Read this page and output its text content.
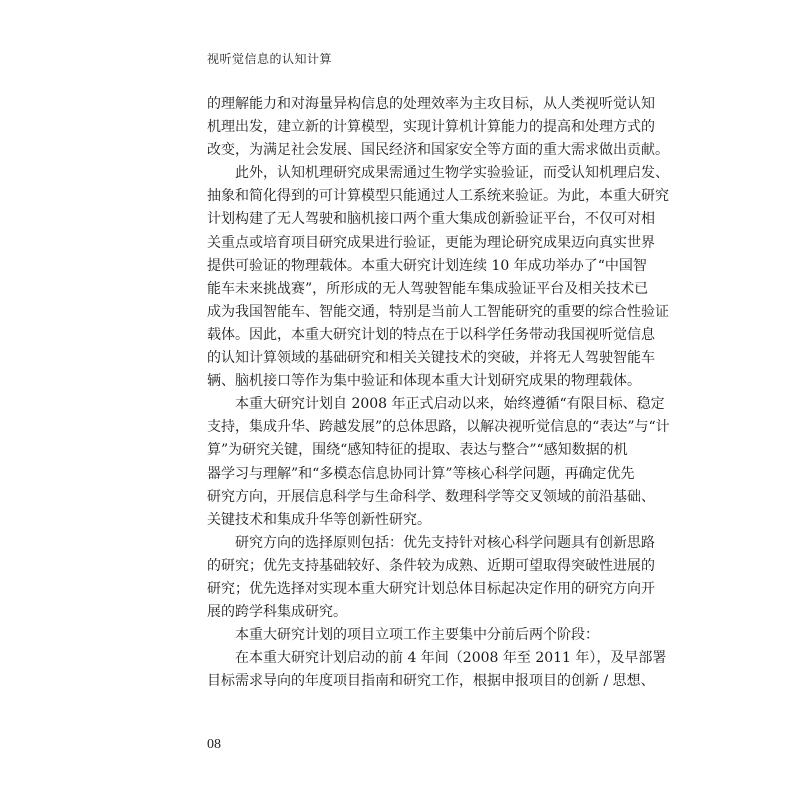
视听觉信息的认知计算
的理解能力和对海量异构信息的处理效率为主攻目标，从人类视听觉认知
机理出发，建立新的计算模型，实现计算机计算能力的提高和处理方式的
改变，为满足社会发展、国民经济和国家安全等方面的重大需求做出贡献。
此外，认知机理研究成果需通过生物学实验验证，而受认知机理启发、
抽象和简化得到的可计算模型只能通过人工系统来验证。为此，本重大研究
计划构建了无人驾驶和脑机接口两个重大集成创新验证平台，不仅可对相
关重点或培育项目研究成果进行验证，更能为理论研究成果迈向真实世界
提供可验证的物理载体。本重大研究计划连续 10 年成功举办了“中国智
能车未来挑战赛”，所形成的无人驾驶智能车集成验证平台及相关技术已
成为我国智能车、智能交通，特别是当前人工智能研究的重要的综合性验证
载体。因此，本重大研究计划的特点在于以科学任务带动我国视听觉信息
的认知计算领域的基础研究和相关关键技术的突破，并将无人驾驶智能车
辆、脑机接口等作为集中验证和体现本重大计划研究成果的物理载体。
本重大研究计划自 2008 年正式启动以来，始终遵循“有限目标、稳定
支持，集成升华、跨越发展”的总体思路，以解决视听觉信息的“表达”与“计
算”为研究关键，围绕“感知特征的提取、表达与整合”“感知数据的机
器学习与理解”和“多模态信息协同计算”等核心科学问题，再确定优先
研究方向，开展信息科学与生命科学、数理科学等交叉领域的前沿基础、
关键技术和集成升华等创新性研究。
研究方向的选择原则包括：优先支持针对核心科学问题具有创新思路
的研究；优先支持基础较好、条件较为成熟、近期可望取得突破性进展的
研究；优先选择对实现本重大研究计划总体目标起决定作用的研究方向开
展的跨学科集成研究。
本重大研究计划的项目立项工作主要集中分前后两个阶段：
在本重大研究计划启动的前 4 年间（2008 年至 2011 年），及早部署
目标需求导向的年度项目指南和研究工作，根据申报项目的创新 / 思想、
08
